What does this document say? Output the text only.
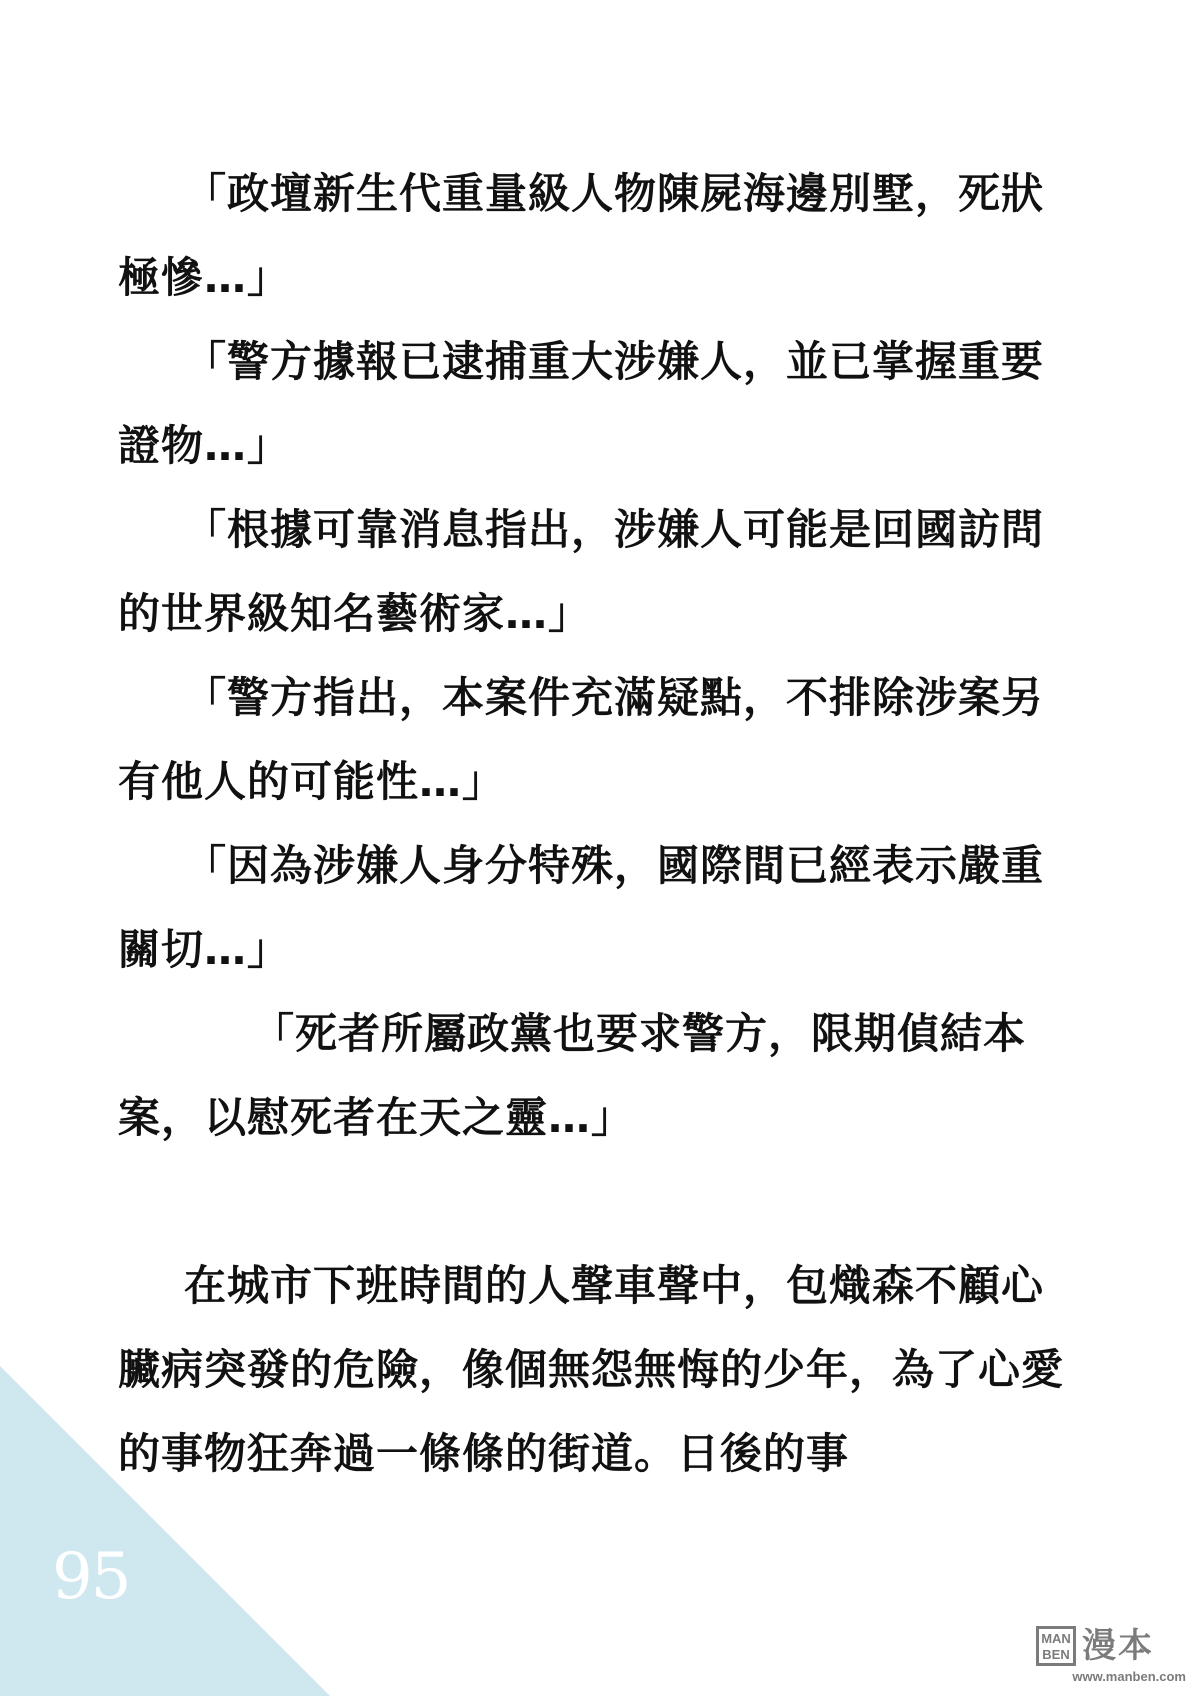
「政壇新生代重量級人物陳屍海邊別墅，死狀極慘…」

「警方據報已逮捕重大涉嫌人，並已掌握重要證物…」

「根據可靠消息指出，涉嫌人可能是回國訪問的世界級知名藝術家…」

「警方指出，本案件充滿疑點，不排除涉案另有他人的可能性…」

「因為涉嫌人身分特殊，國際間已經表示嚴重關切…」

「死者所屬政黨也要求警方，限期偵結本案，以慰死者在天之靈…」

在城市下班時間的人聲車聲中，包熾森不顧心臟病突發的危險，像個無怨無悔的少年，為了心愛的事物狂奔過一條條的街道。日後的事

95
MAN
BEN 漫本
www.manben.com
